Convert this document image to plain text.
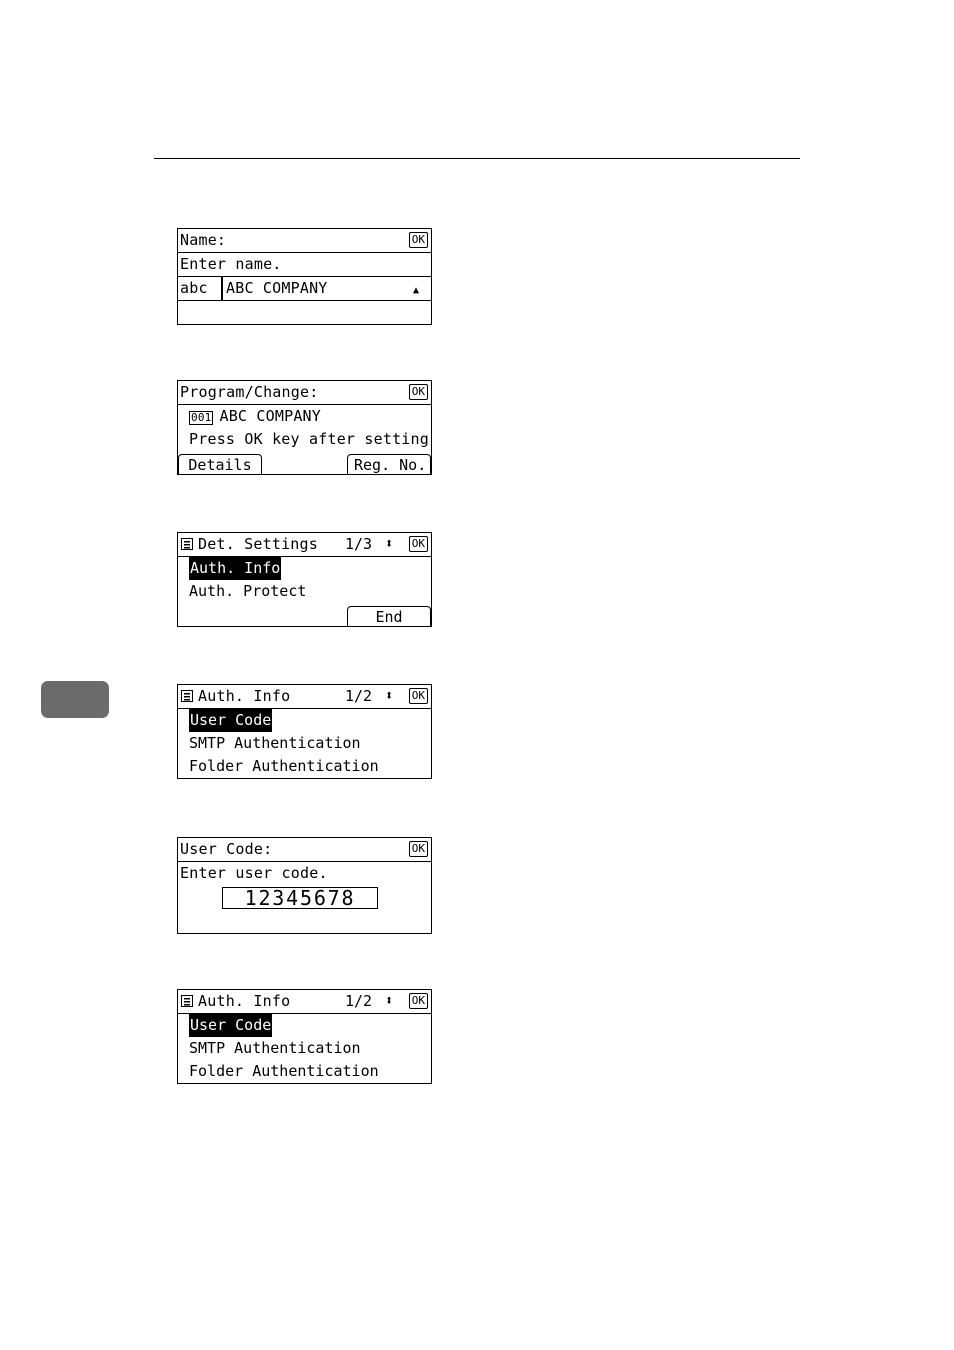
Name:	OK
Enter name.
abc ABC COMPANY	▲
Program/Change:	OK
001 ABC COMPANY
Press OK key after setting
Details	Reg. No.
Det. Settings 1/3 ⬍ OK
Auth. Info
Auth. Protect
End
Auth. Info	1/2 ⬍ OK
User Code
SMTP Authentication
Folder Authentication
User Code:	OK
Enter user code.
12345678
Auth. Info	1/2 ⬍ OK
User Code
SMTP Authentication
Folder Authentication
